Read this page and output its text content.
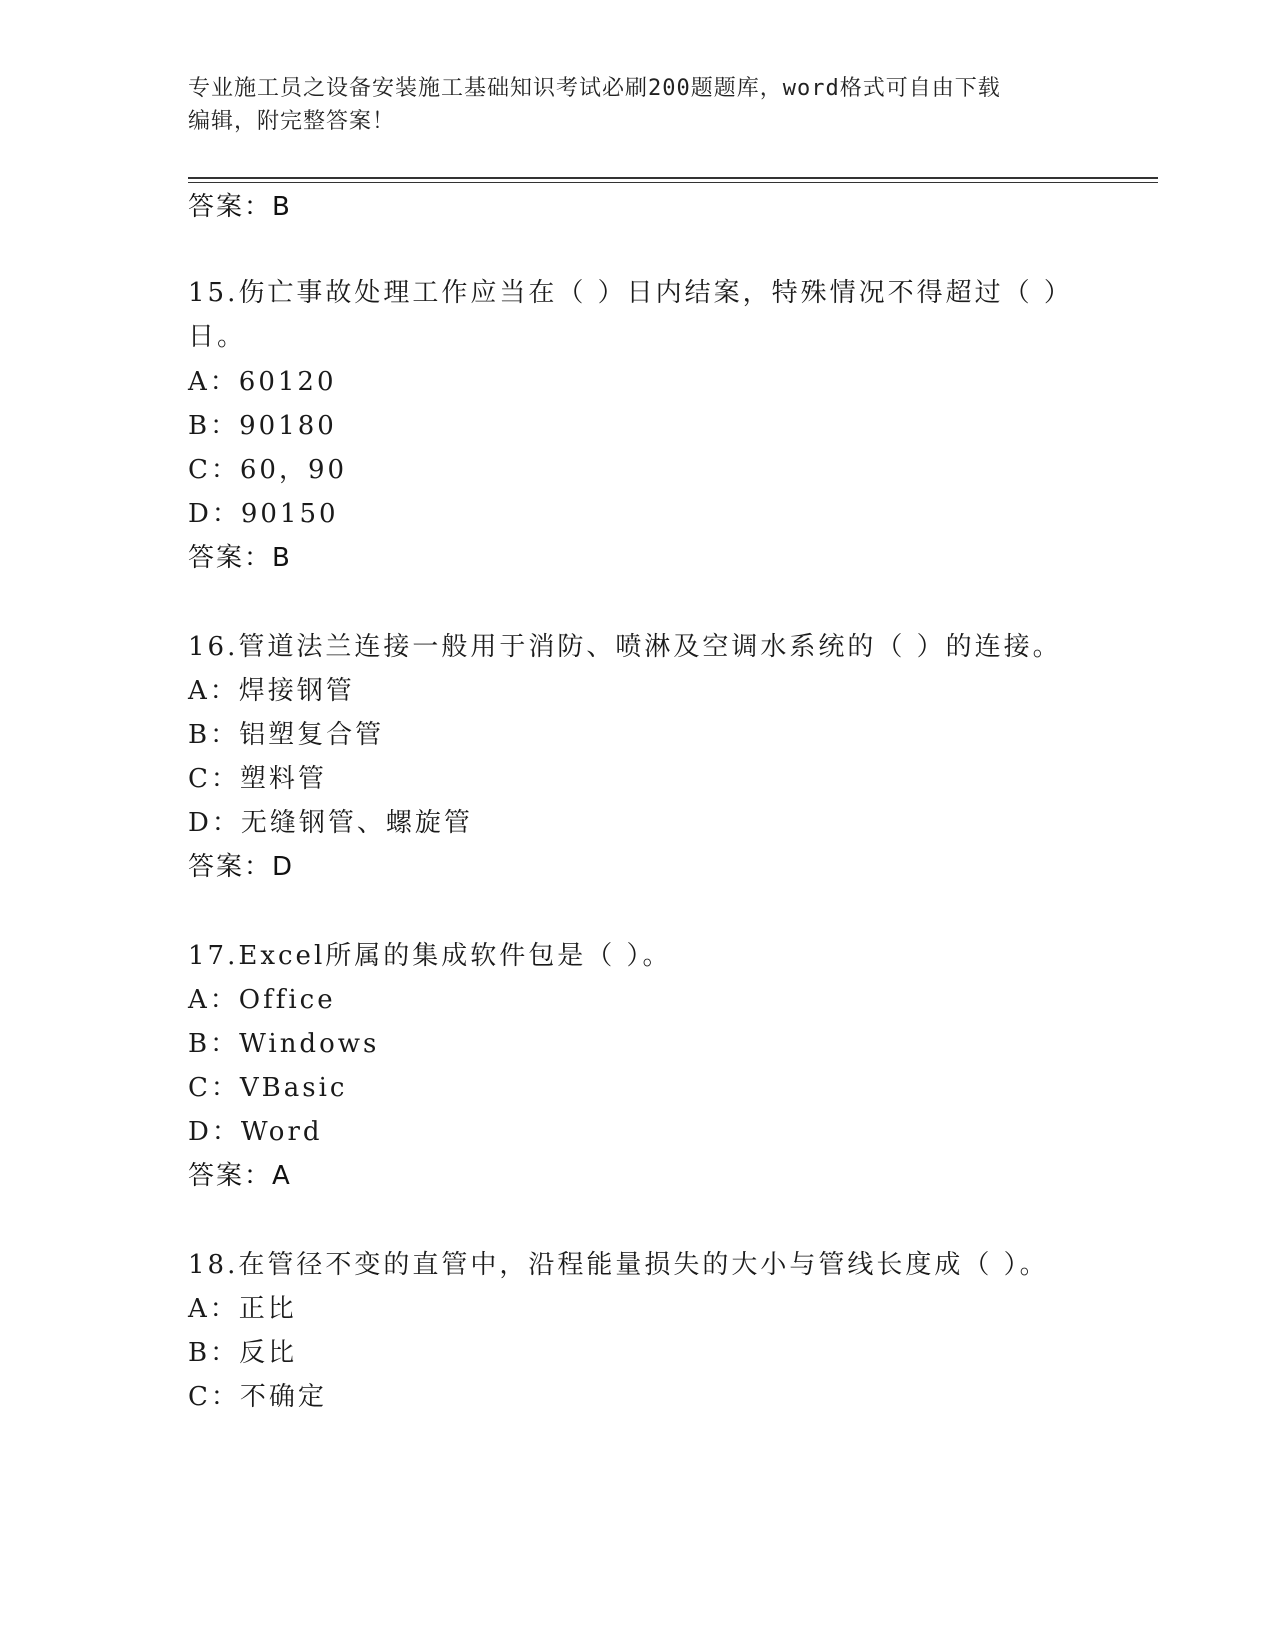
专业施工员之设备安装施工基础知识考试必刷200题题库，word格式可自由下载
编辑，附完整答案！
答案：B
15.伤亡事故处理工作应当在（ ）日内结案，特殊情况不得超过（ ）
日。
A：60120
B：90180
C：60，90
D：90150
答案：B
16.管道法兰连接一般用于消防、喷淋及空调水系统的（ ）的连接。
A：焊接钢管
B：铝塑复合管
C：塑料管
D：无缝钢管、螺旋管
答案：D
17.Excel所属的集成软件包是（ ）。
A：Office
B：Windows
C：VBasic
D：Word
答案：A
18.在管径不变的直管中，沿程能量损失的大小与管线长度成（ ）。
A：正比
B：反比
C：不确定
